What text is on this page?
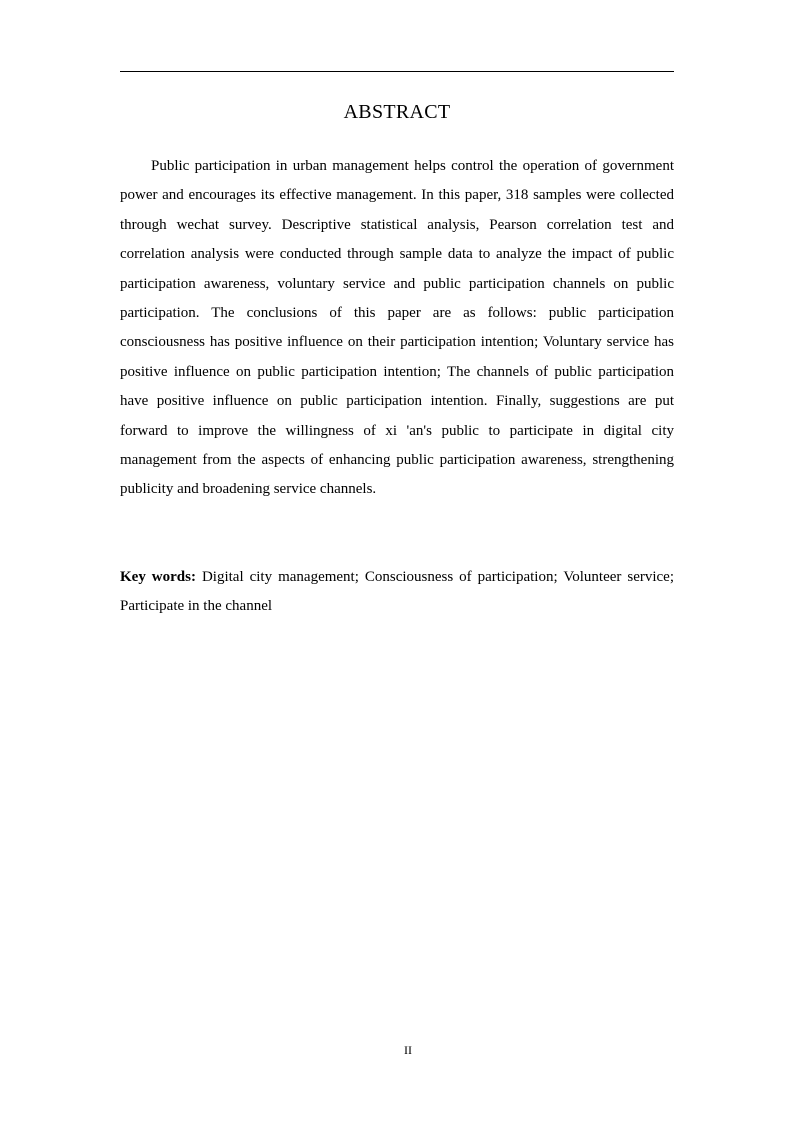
ABSTRACT

Public participation in urban management helps control the operation of government power and encourages its effective management. In this paper, 318 samples were collected through wechat survey. Descriptive statistical analysis, Pearson correlation test and correlation analysis were conducted through sample data to analyze the impact of public participation awareness, voluntary service and public participation channels on public participation. The conclusions of this paper are as follows: public participation consciousness has positive influence on their participation intention; Voluntary service has positive influence on public participation intention; The channels of public participation have positive influence on public participation intention. Finally, suggestions are put forward to improve the willingness of xi 'an's public to participate in digital city management from the aspects of enhancing public participation awareness, strengthening publicity and broadening service channels.

Key words: Digital city management; Consciousness of participation; Volunteer service; Participate in the channel

II
